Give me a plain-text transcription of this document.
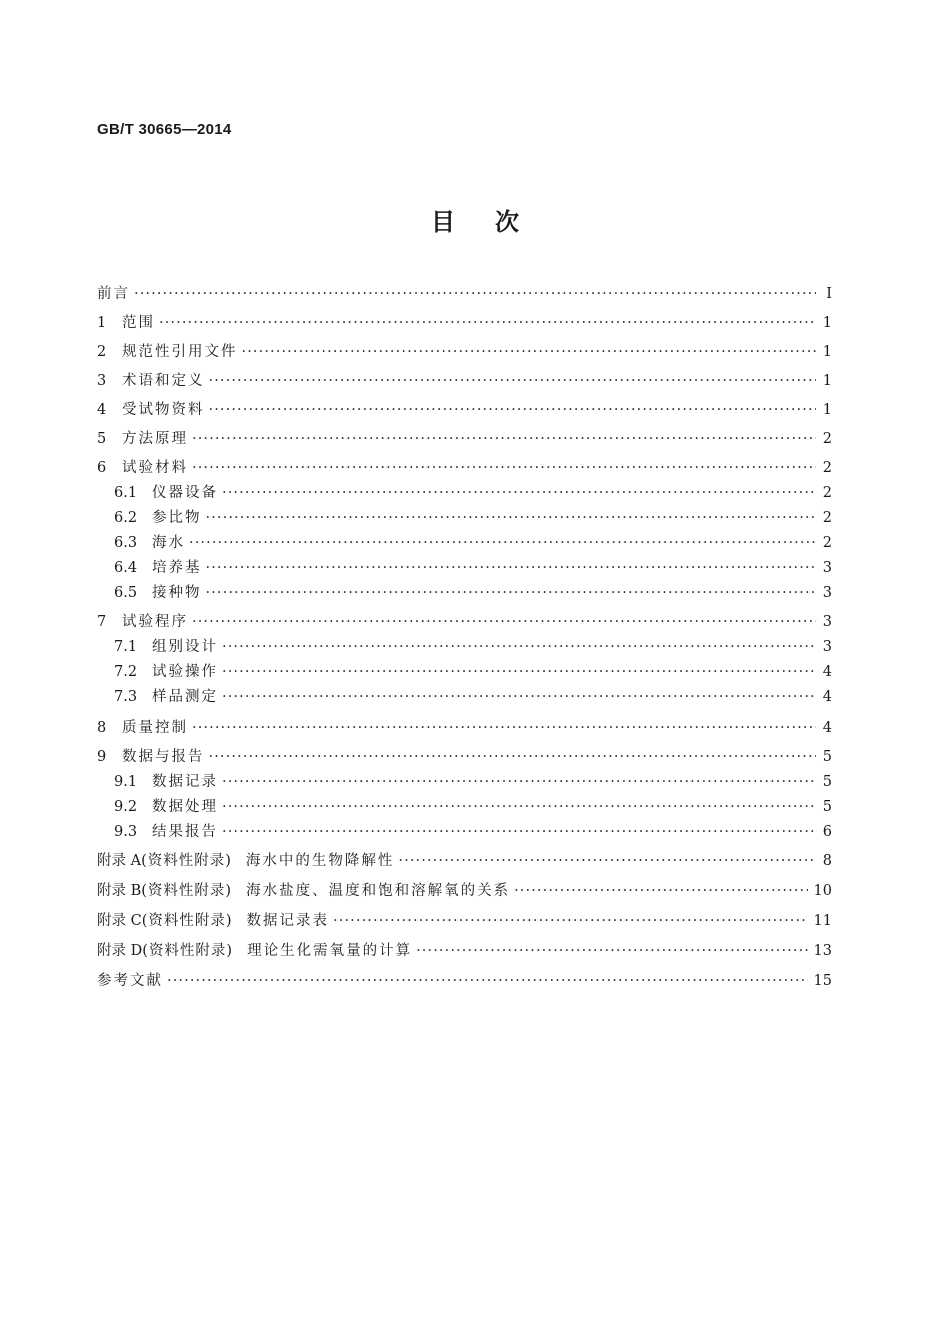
GB/T 30665—2014
目次
前言 ·····	I
1	范围 ·····	1
2	规范性引用文件 ·····	1
3	术语和定义 ·····	1
4	受试物资料 ·····	1
5	方法原理 ·····	2
6	试验材料 ·····	2
6.1	仪器设备 ·····	2
6.2	参比物 ·····	2
6.3	海水 ·····	2
6.4	培养基 ·····	3
6.5	接种物 ·····	3
7	试验程序 ·····	3
7.1	组别设计 ·····	3
7.2	试验操作 ·····	4
7.3	样品测定 ·····	4
8	质量控制 ·····	4
9	数据与报告 ·····	5
9.1	数据记录 ·····	5
9.2	数据处理 ·····	5
9.3	结果报告 ·····	6
附录 A (资料性附录) 海水中的生物降解性 ·····	8
附录 B (资料性附录) 海水盐度、温度和饱和溶解氧的关系 ·····	10
附录 C (资料性附录) 数据记录表 ·····	11
附录 D (资料性附录) 理论生化需氧量的计算 ·····	13
参考文献 ·····	15
